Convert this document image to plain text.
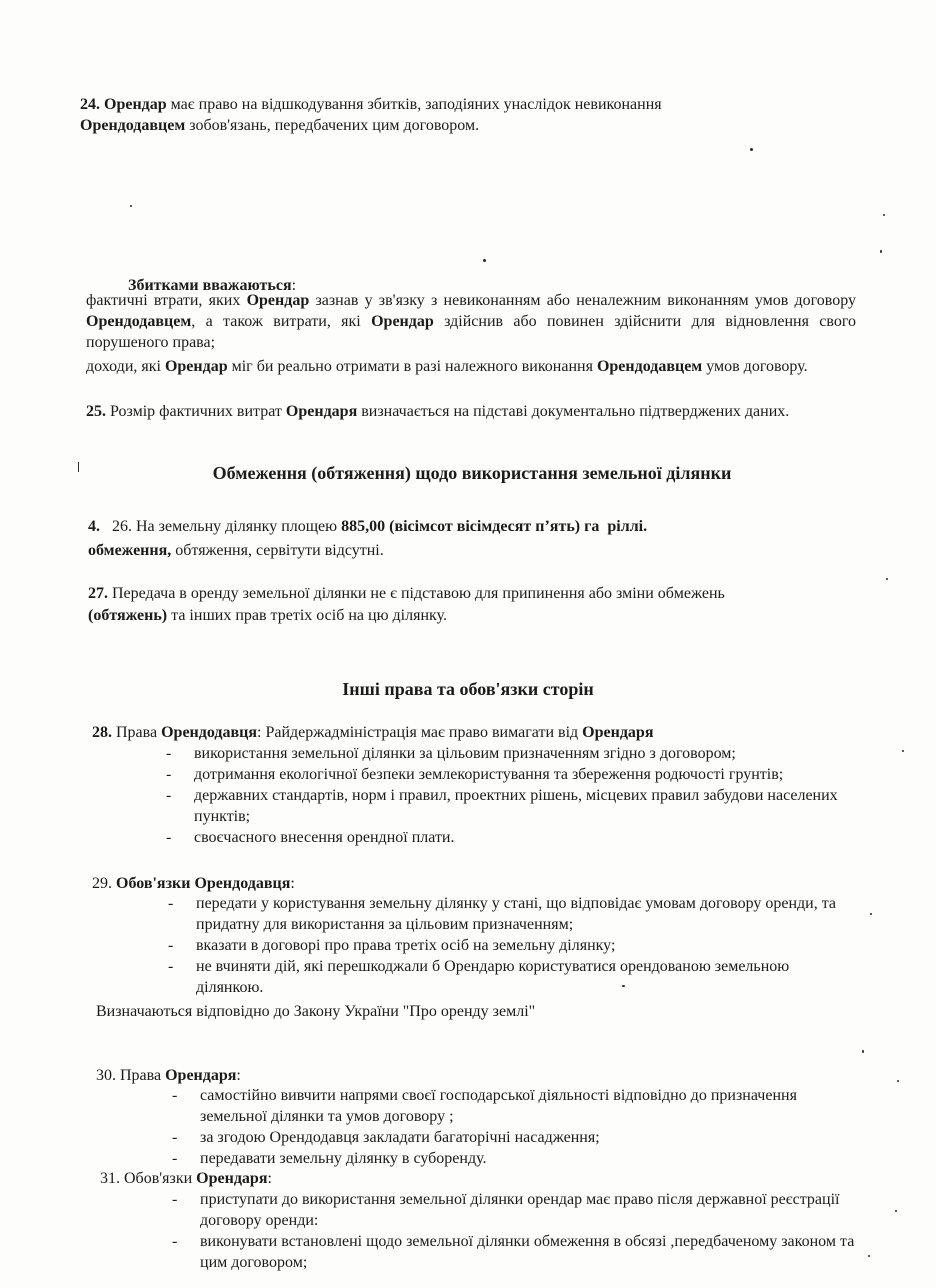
24. Орендар має право на відшкодування збитків, заподіяних унаслідок невиконання
Орендодавцем зобов'язань, передбачених цим договором.

Збитками вважаються:

фактичні втрати, яких Орендар зазнав у зв'язку з невиконанням або неналежним виконанням умов договору Орендодавцем, а також витрати, які Орендар здійснив або повинен здійснити для відновлення свого порушеного права;

доходи, які Орендар міг би реально отримати в разі належного виконання Орендодавцем умов договору.

25. Розмір фактичних витрат Орендаря визначається на підставі документально підтверджених даних.

Обмеження (обтяження) щодо використання земельної ділянки

4. 26. На земельну ділянку площею 885,00 (вісімсот вісімдесят п’ять) га ріллі.
обмеження, обтяження, сервітути відсутні.

27. Передача в оренду земельної ділянки не є підставою для припинення або зміни обмежень
(обтяжень) та інших прав третіх осіб на цю ділянку.

Інші права та обов'язки сторін

28. Права Орендодавця: Райдержадміністрація має право вимагати від Орендаря

- використання земельної ділянки за цільовим призначенням згідно з договором;
- дотримання екологічної безпеки землекористування та збереження родючості грунтів;
- державних стандартів, норм і правил, проектних рішень, місцевих правил забудови населених пунктів;
- своєчасного внесення орендної плати.

29. Обов'язки Орендодавця:

- передати у користування земельну ділянку у стані, що відповідає умовам договору оренди, та придатну для використання за цільовим призначенням;
- вказати в договорі про права третіх осіб на земельну ділянку;
- не вчиняти дій, які перешкоджали б Орендарю користуватися орендованою земельною ділянкою.

Визначаються відповідно до Закону України "Про оренду землі"

30. Права Орендаря:

- самостійно вивчити напрями своєї господарської діяльності відповідно до призначення земельної ділянки та умов договору ;
- за згодою Орендодавця закладати багаторічні насадження;
- передавати земельну ділянку в суборенду.

31. Обов'язки Орендаря:

- приступати до використання земельної ділянки орендар має право після державної реєстрації договору оренди:
- виконувати встановлені щодо земельної ділянки обмеження в обсязі ,передбаченому законом та цим договором;
